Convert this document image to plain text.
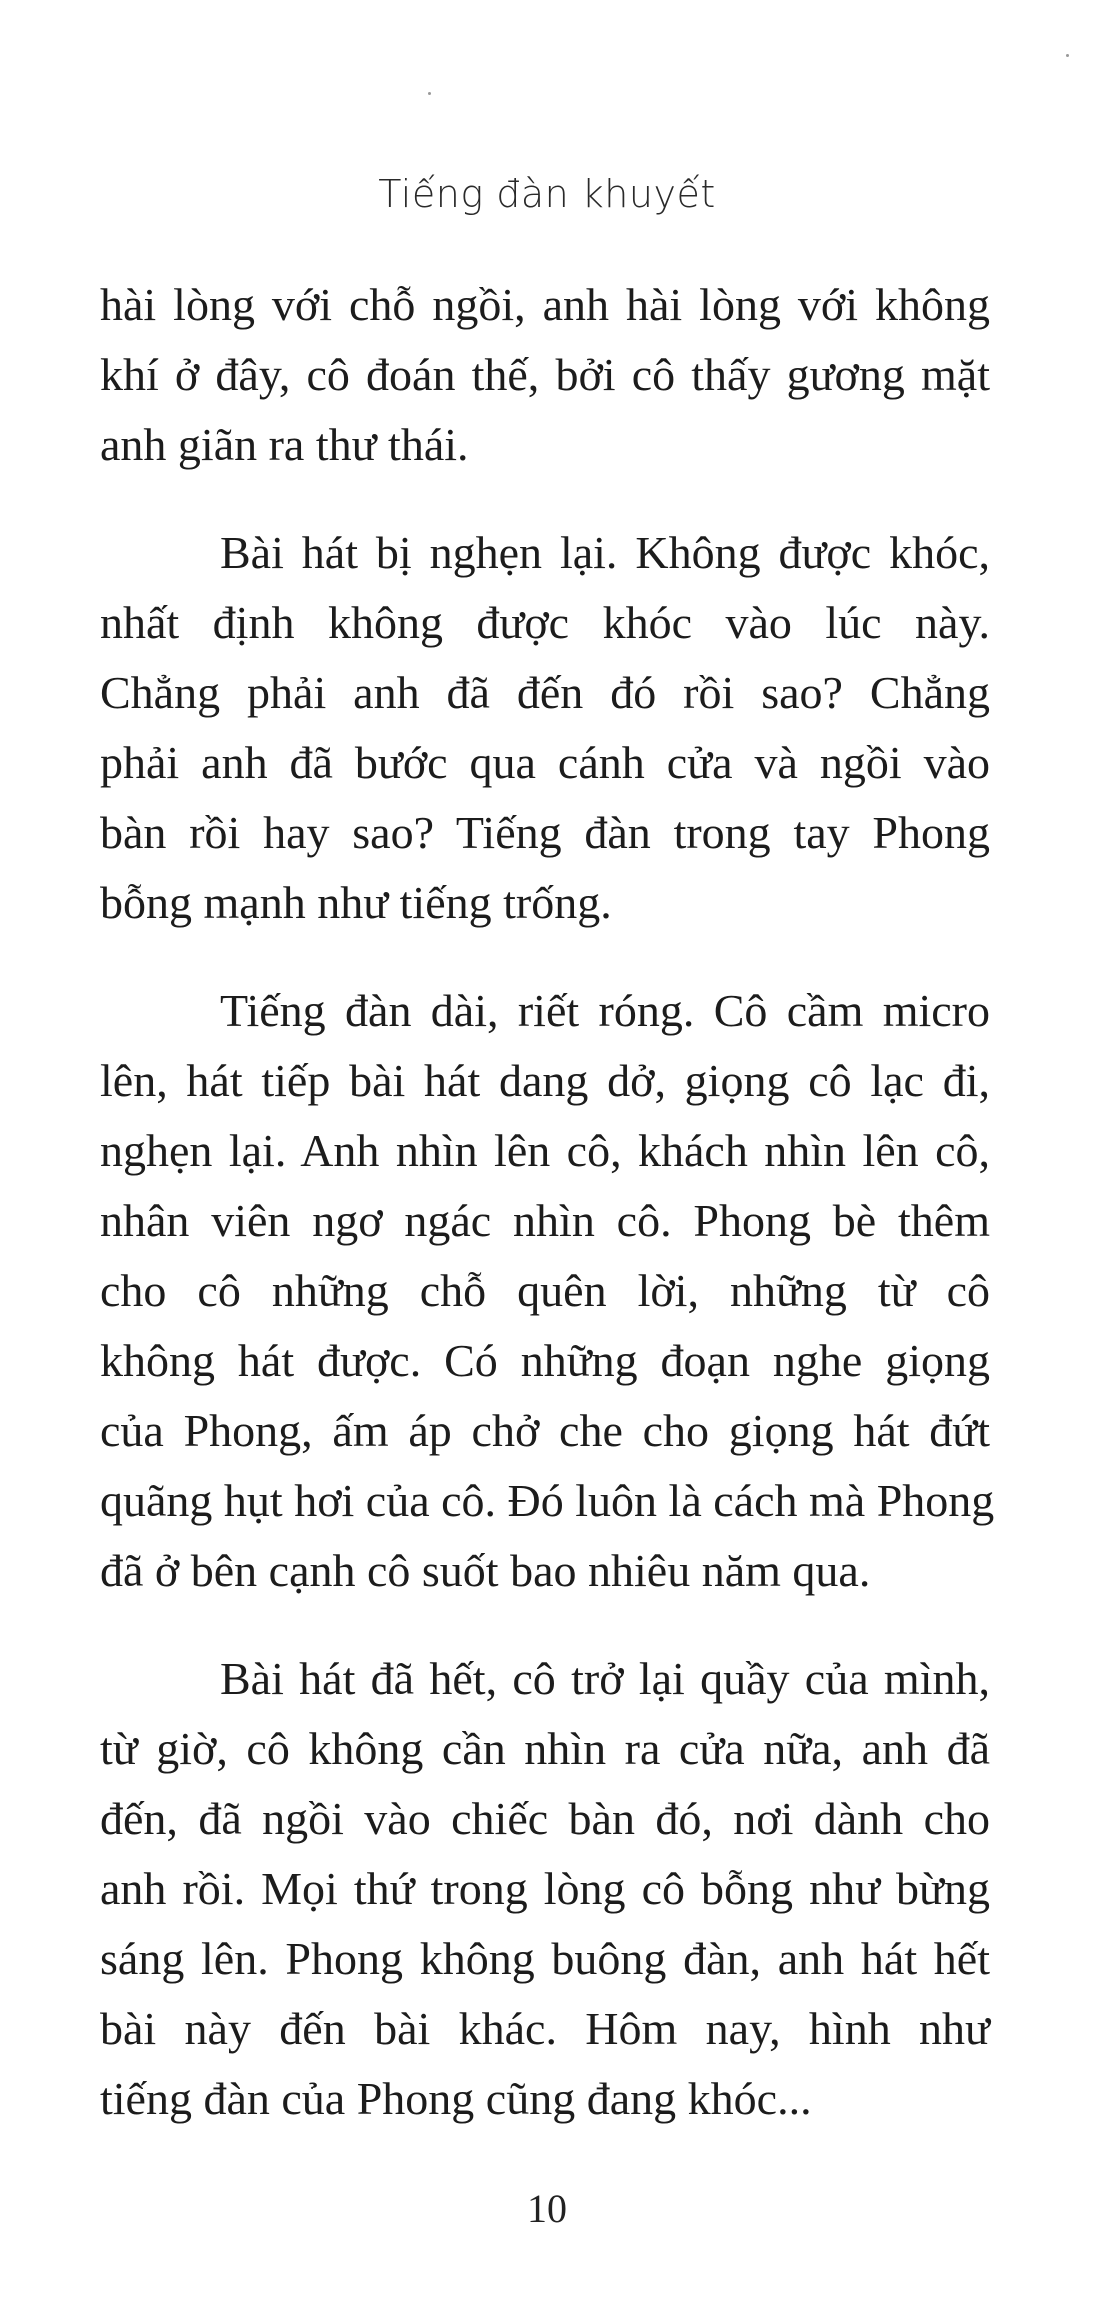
Tiếng đàn khuyết

hài lòng với chỗ ngồi, anh hài lòng với không
khí ở đây, cô đoán thế, bởi cô thấy gương mặt
anh giãn ra thư thái.

Bài hát bị nghẹn lại. Không được khóc,
nhất định không được khóc vào lúc này.
Chẳng phải anh đã đến đó rồi sao? Chẳng
phải anh đã bước qua cánh cửa và ngồi vào
bàn rồi hay sao? Tiếng đàn trong tay Phong
bỗng mạnh như tiếng trống.

Tiếng đàn dài, riết róng. Cô cầm micro
lên, hát tiếp bài hát dang dở, giọng cô lạc đi,
nghẹn lại. Anh nhìn lên cô, khách nhìn lên cô,
nhân viên ngơ ngác nhìn cô. Phong bè thêm
cho cô những chỗ quên lời, những từ cô
không hát được. Có những đoạn nghe giọng
của Phong, ấm áp chở che cho giọng hát đứt
quãng hụt hơi của cô. Đó luôn là cách mà Phong
đã ở bên cạnh cô suốt bao nhiêu năm qua.

Bài hát đã hết, cô trở lại quầy của mình,
từ giờ, cô không cần nhìn ra cửa nữa, anh đã
đến, đã ngồi vào chiếc bàn đó, nơi dành cho
anh rồi. Mọi thứ trong lòng cô bỗng như bừng
sáng lên. Phong không buông đàn, anh hát hết
bài này đến bài khác. Hôm nay, hình như
tiếng đàn của Phong cũng đang khóc...

10
